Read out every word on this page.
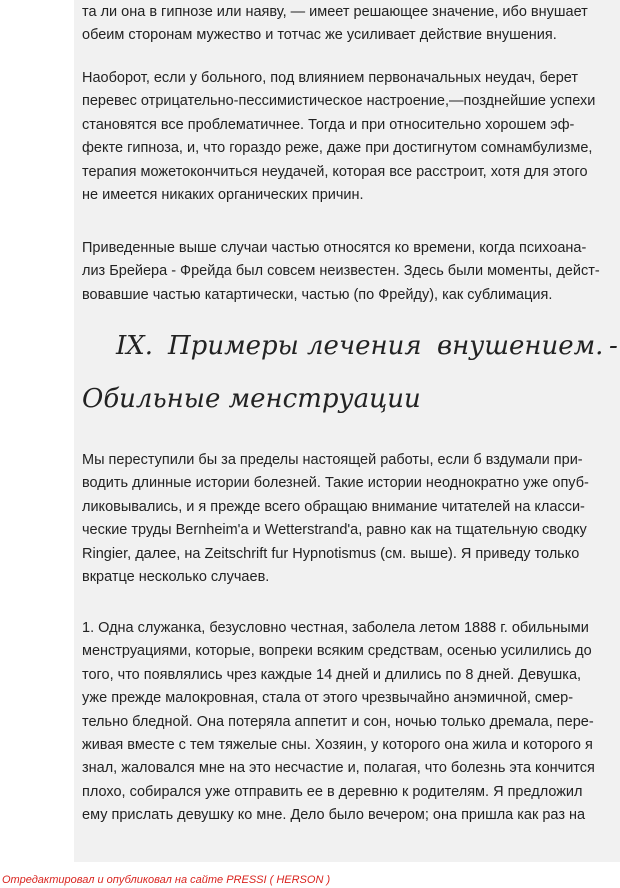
та ли она в гипнозе или наяву, — имеет решающее значение, ибо внушает
обеим сторонам мужество и тотчас же усиливает действие внушения.

Наоборот, если у больного, под влиянием первоначальных неудач, берет
перевес отрицательно-пессимистическое настроение,—позднейшие успехи
становятся все проблематичнее. Тогда и при относительно хорошем эф-
фекте гипноза, и, что гораздо реже, даже при достигнутом сомнамбулизме,
терапия можетокончиться неудачей, которая все расстроит, хотя для этого
не имеется никаких органических причин.

Приведенные выше случаи частью относятся ко времени, когда психоана-
лиз Брейера - Фрейда был совсем неизвестен. Здесь были моменты, дейст-
вовавшие частью катартически, частью (по Фрейду), как сублимация.

IX. Примеры лечения внушением. -
Обильные менструации

Мы переступили бы за пределы настоящей работы, если б вздумали при-
водить длинные истории болезней. Такие истории неоднократно уже опуб-
ликовывались, и я прежде всего обращаю внимание читателей на класси-
ческие труды Bernheim'a и Wetterstrand'a, равно как на тщательную сводку
Ringier, далее, на Zeitschrift fur Hypnotismus (см. выше). Я приведу только
вкратце несколько случаев.

1. Одна служанка, безусловно честная, заболела летом 1888 г. обильными
менструациями, которые, вопреки всяким средствам, осенью усилились до
того, что появлялись чрез каждые 14 дней и длились по 8 дней. Девушка,
уже прежде малокровная, стала от этого чрезвычайно анэмичной, смер-
тельно бледной. Она потеряла аппетит и сон, ночью только дремала, пере-
живая вместе с тем тяжелые сны. Хозяин, у которого она жила и которого я
знал, жаловался мне на это несчастие и, полагая, что болезнь эта кончится
плохо, собирался уже отправить ее в деревню к родителям. Я предложил
ему прислать девушку ко мне. Дело было вечером; она пришла как раз на

Отредактировал и опубликовал на сайте PRESSI ( HERSON )
